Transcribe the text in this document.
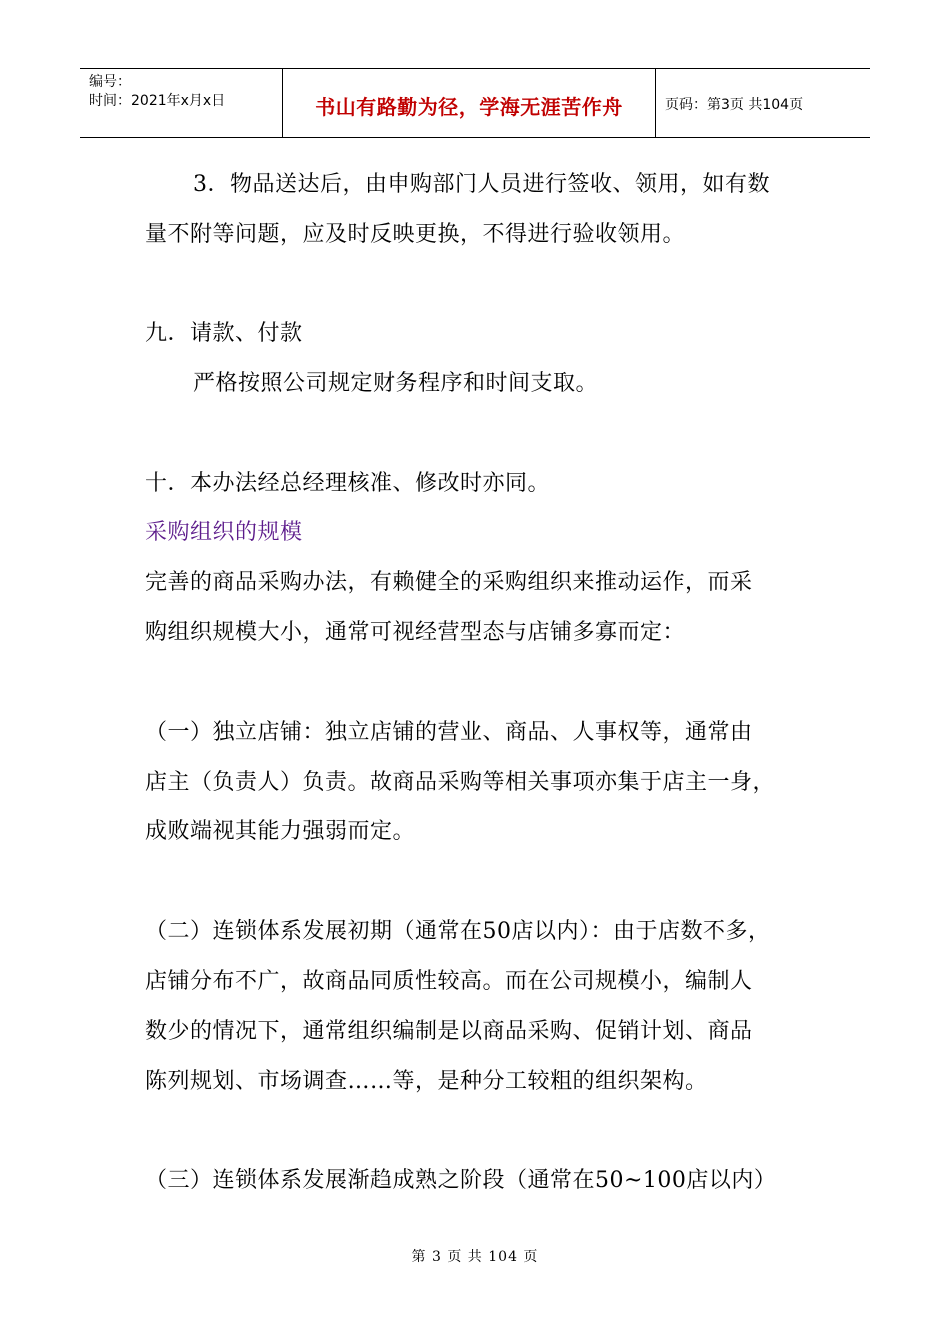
编号：
时间：2021年x月x日	书山有路勤为径，学海无涯苦作舟	页码：第3页 共104页
3．物品送达后，由申购部门人员进行签收、领用，如有数
量不附等问题，应及时反映更换，不得进行验收领用。
九．请款、付款
严格按照公司规定财务程序和时间支取。
十．本办法经总经理核准、修改时亦同。
采购组织的规模
完善的商品采购办法，有赖健全的采购组织来推动运作，而采
购组织规模大小，通常可视经营型态与店铺多寡而定：
（一）独立店铺：独立店铺的营业、商品、人事权等，通常由
店主（负责人）负责。故商品采购等相关事项亦集于店主一身，
成败端视其能力强弱而定。
（二）连锁体系发展初期（通常在50店以内）：由于店数不多，
店铺分布不广，故商品同质性较高。而在公司规模小，编制人
数少的情况下，通常组织编制是以商品采购、促销计划、商品
陈列规划、市场调查……等，是种分工较粗的组织架构。
（三）连锁体系发展渐趋成熟之阶段（通常在50~100店以内）
第 3 页 共 104 页
